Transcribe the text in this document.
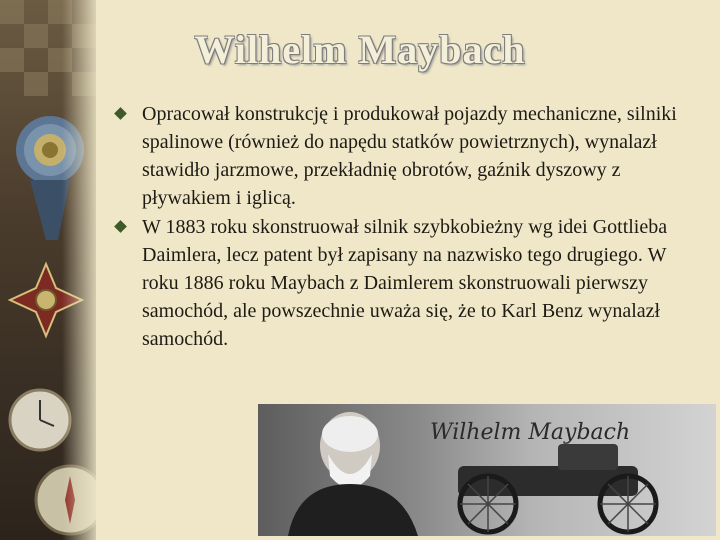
Wilhelm Maybach
Opracował konstrukcję i produkował pojazdy mechaniczne, silniki spalinowe (również do napędu statków powietrznych), wynalazł stawidło jarzmowe, przekładnię obrotów, gaźnik dyszowy z pływakiem i iglicą.
W 1883 roku skonstruował silnik szybkobieżny wg idei Gottlieba Daimlera, lecz patent był zapisany na nazwisko tego drugiego. W roku 1886 roku Maybach z Daimlerem skonstruowali pierwszy samochód, ale powszechnie uważa się, że to Karl Benz wynalazł samochód.
Wilhelm Maybach
